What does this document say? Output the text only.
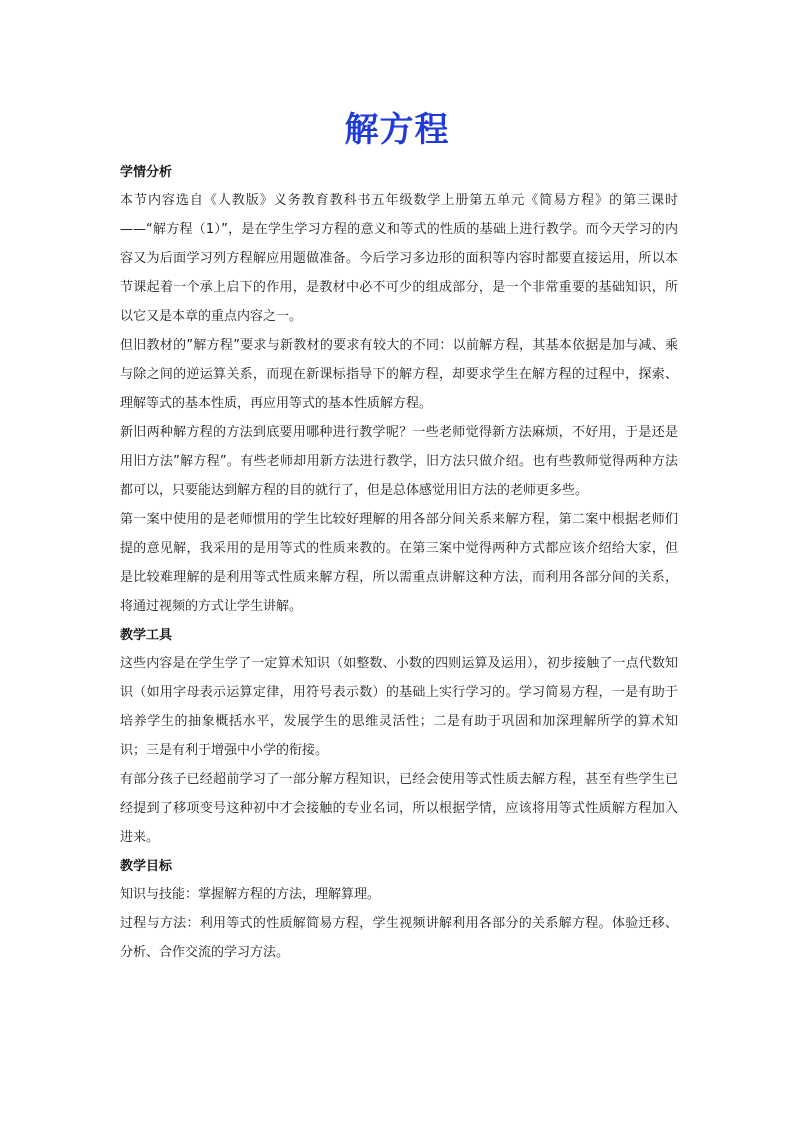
解方程
学情分析

本节内容选自《人教版》义务教育教科书五年级数学上册第五单元《简易方程》的第三课时——“解方程（1）”，是在学生学习方程的意义和等式的性质的基础上进行教学。而今天学习的内容又为后面学习列方程解应用题做准备。今后学习多边形的面积等内容时都要直接运用，所以本节课起着一个承上启下的作用，是教材中必不可少的组成部分，是一个非常重要的基础知识，所以它又是本章的重点内容之一。

但旧教材的”解方程”要求与新教材的要求有较大的不同：以前解方程，其基本依据是加与减、乘与除之间的逆运算关系，而现在新课标指导下的解方程，却要求学生在解方程的过程中，探索、理解等式的基本性质，再应用等式的基本性质解方程。

新旧两种解方程的方法到底要用哪种进行教学呢？一些老师觉得新方法麻烦，不好用，于是还是用旧方法”解方程”。有些老师却用新方法进行教学，旧方法只做介绍。也有些教师觉得两种方法都可以，只要能达到解方程的目的就行了，但是总体感觉用旧方法的老师更多些。

第一案中使用的是老师惯用的学生比较好理解的用各部分间关系来解方程，第二案中根据老师们提的意见解，我采用的是用等式的性质来教的。在第三案中觉得两种方式都应该介绍给大家，但是比较难理解的是利用等式性质来解方程，所以需重点讲解这种方法，而利用各部分间的关系，将通过视频的方式让学生讲解。

教学工具

这些内容是在学生学了一定算术知识（如整数、小数的四则运算及运用），初步接触了一点代数知识（如用字母表示运算定律，用符号表示数）的基础上实行学习的。学习简易方程，一是有助于培养学生的抽象概括水平，发展学生的思维灵活性；二是有助于巩固和加深理解所学的算术知识；三是有利于增强中小学的衔接。

有部分孩子已经超前学习了一部分解方程知识，已经会使用等式性质去解方程，甚至有些学生已经提到了移项变号这种初中才会接触的专业名词，所以根据学情，应该将用等式性质解方程加入进来。

教学目标

知识与技能：掌握解方程的方法，理解算理。

过程与方法：利用等式的性质解简易方程，学生视频讲解利用各部分的关系解方程。体验迁移、分析、合作交流的学习方法。
